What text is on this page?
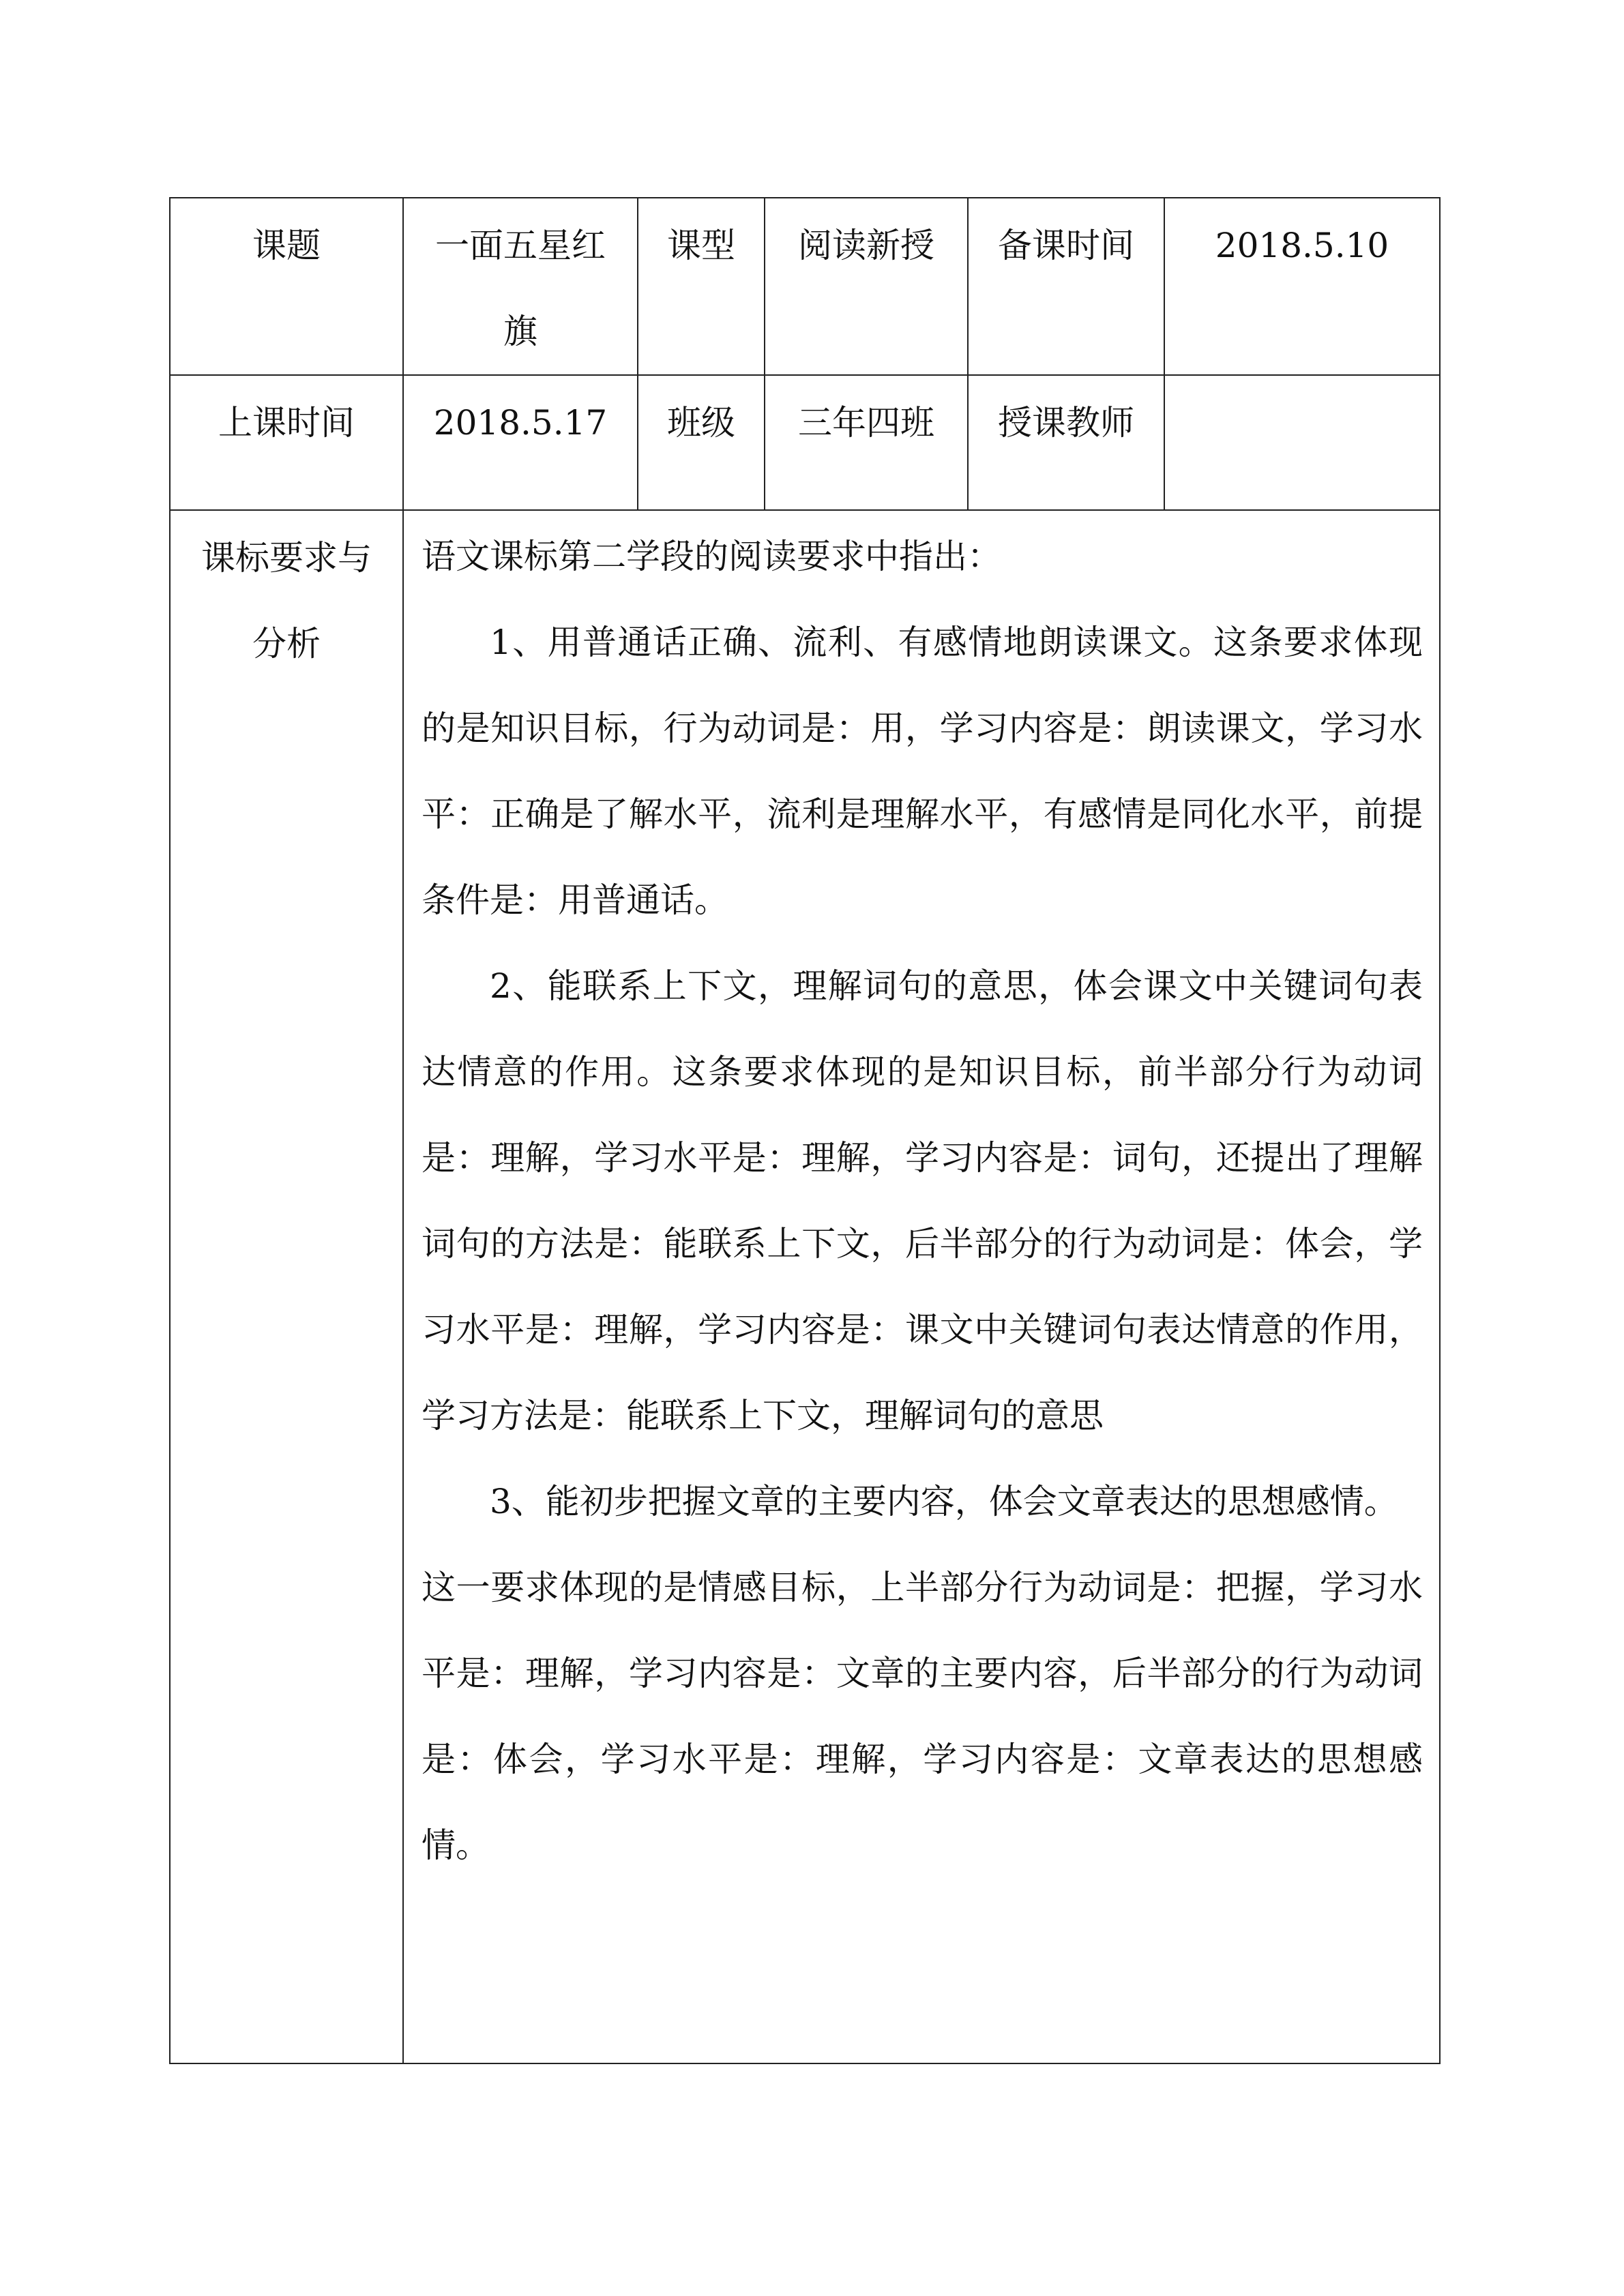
课题	一面五星红旗	课型	阅读新授	备课时间	2018.5.10
上课时间	2018.5.17	班级	三年四班	授课教师	
课标要求与分析	语文课标第二学段的阅读要求中指出：

1、用普通话正确、流利、有感情地朗读课文。这条要求体现的是知识目标，行为动词是：用，学习内容是：朗读课文，学习水平：正确是了解水平，流利是理解水平，有感情是同化水平，前提条件是：用普通话。

2、能联系上下文，理解词句的意思，体会课文中关键词句表达情意的作用。这条要求体现的是知识目标，前半部分行为动词是：理解，学习水平是：理解，学习内容是：词句，还提出了理解词句的方法是：能联系上下文，后半部分的行为动词是：体会，学习水平是：理解，学习内容是：课文中关键词句表达情意的作用，学习方法是：能联系上下文，理解词句的意思

3、能初步把握文章的主要内容，体会文章表达的思想感情。

这一要求体现的是情感目标，上半部分行为动词是：把握，学习水平是：理解，学习内容是：文章的主要内容，后半部分的行为动词是：体会，学习水平是：理解，学习内容是：文章表达的思想感情。				
